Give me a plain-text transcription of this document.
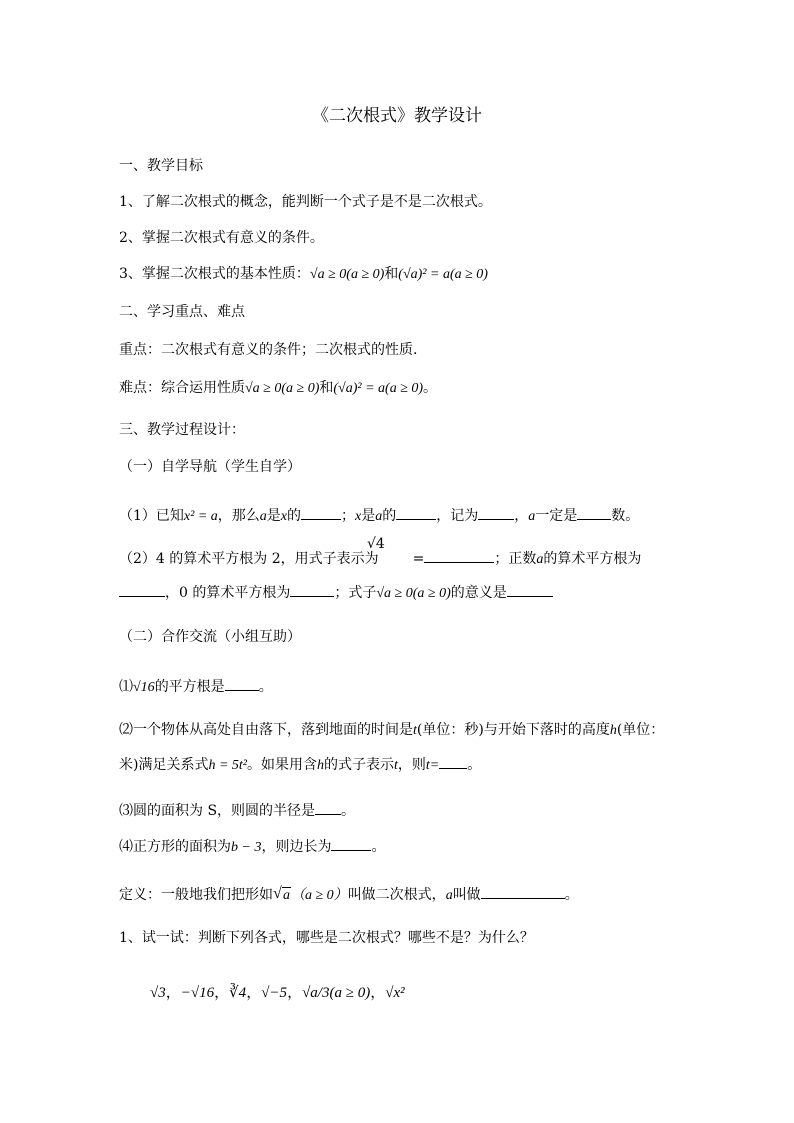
《二次根式》教学设计
一、教学目标
1、了解二次根式的概念，能判断一个式子是不是二次根式。
2、掌握二次根式有意义的条件。
3、掌握二次根式的基本性质：√a ≥ 0(a ≥ 0)和(√a)² = a(a ≥ 0)
二、学习重点、难点
重点：二次根式有意义的条件；二次根式的性质.
难点：综合运用性质√a ≥ 0(a ≥ 0)和(√a)² = a(a ≥ 0)。
三、教学过程设计：
（一）自学导航（学生自学）
（1）已知x² = a，那么a是x的	；x是a的	，记为	，a一定是 数。
√4
（2）4 的算术平方根为 2，用式子表示为 =	；正数a的算术平方根为
，0 的算术平方根为	；式子√a ≥ 0(a ≥ 0)的意义是
（二）合作交流（小组互助）
⑴√16的平方根是 。
⑵一个物体从高处自由落下，落到地面的时间是t(单位：秒)与开始下落时的高度h(单位：
米)满足关系式h = 5t²。如果用含h的式子表示t，则t= 。
⑶圆的面积为 S，则圆的半径是 。
⑷正方形的面积为b − 3，则边长为	。
定义：一般地我们把形如 √ a（a ≥ 0）叫做二次根式，a叫做	。
1、试一试：判断下列各式，哪些是二次根式？哪些不是？为什么？
√3，−√16，∛4，√−5，√a/3(a ≥ 0)，√x²
